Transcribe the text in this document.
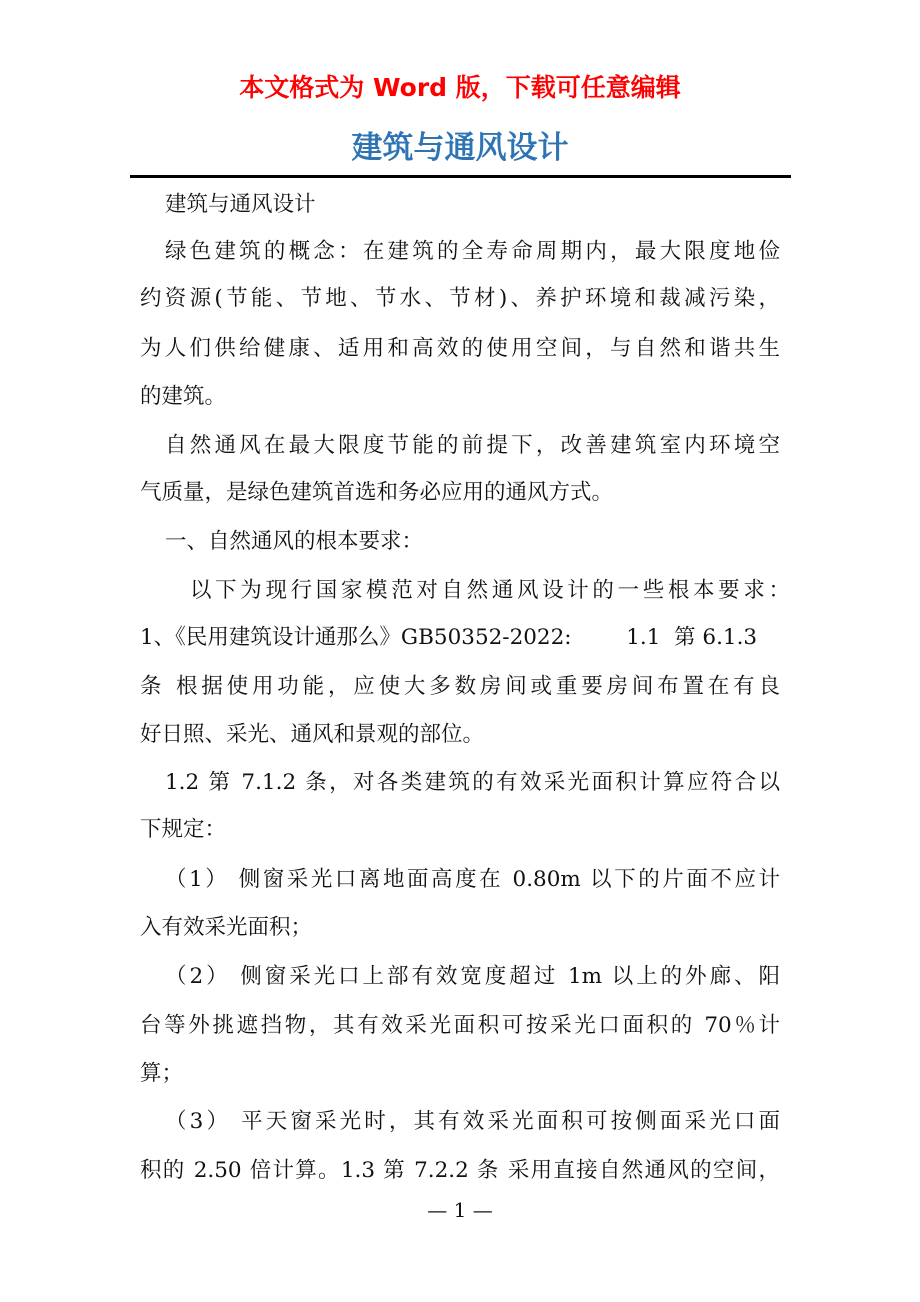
本文格式为 Word 版，下载可任意编辑
建筑与通风设计
建筑与通风设计
绿色建筑的概念：在建筑的全寿命周期内，最大限度地俭
约资源(节能、节地、节水、节材)、养护环境和裁减污染，
为人们供给健康、适用和高效的使用空间，与自然和谐共生
的建筑。
自然通风在最大限度节能的前提下，改善建筑室内环境空
气质量，是绿色建筑首选和务必应用的通风方式。
一、自然通风的根本要求：
以下为现行国家模范对自然通风设计的一些根本要求：
1、《民用建筑设计通那么》GB50352-2022:        1.1  第 6.1.3
条 根据使用功能，应使大多数房间或重要房间布置在有良
好日照、采光、通风和景观的部位。
1.2 第 7.1.2 条，对各类建筑的有效采光面积计算应符合以
下规定：
（1） 侧窗采光口离地面高度在 0.80m 以下的片面不应计
入有效采光面积；
（2） 侧窗采光口上部有效宽度超过 1m 以上的外廊、阳
台等外挑遮挡物，其有效采光面积可按采光口面积的 70％计
算；
（3） 平天窗采光时，其有效采光面积可按侧面采光口面
积的 2.50 倍计算。1.3 第 7.2.2 条 采用直接自然通风的空间，
— 1 —
